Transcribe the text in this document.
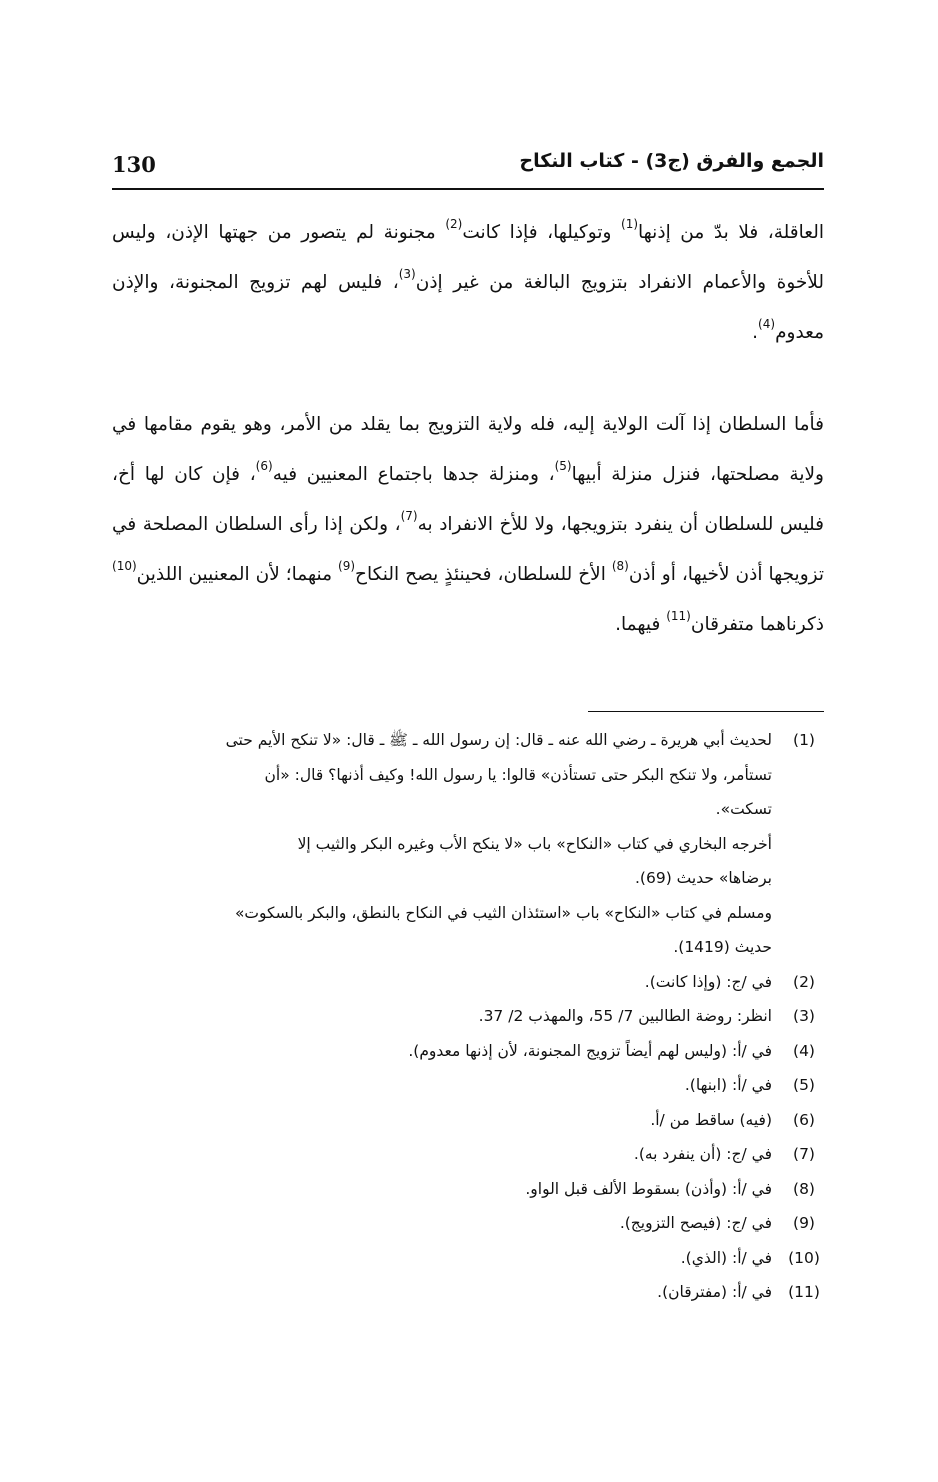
130	الجمع والفرق (ج3) - كتاب النكاح

العاقلة، فلا بدّ من إذنها$^{(1)}$ وتوكيلها، فإذا كانت$^{(2)}$ مجنونة لم يتصور من جهتها الإذن، وليس للأخوة والأعمام الانفراد بتزويج البالغة من غير إذن$^{(3)}$، فليس لهم تزويج المجنونة، والإذن معدوم$^{(4)}$.

فأما السلطان إذا آلت الولاية إليه، فله ولاية التزويج بما يقلد من الأمر، وهو يقوم مقامها في ولاية مصلحتها، فنزل منزلة أبيها$^{(5)}$، ومنزلة جدها باجتماع المعنيين فيه$^{(6)}$، فإن كان لها أخ، فليس للسلطان أن ينفرد بتزويجها، ولا للأخ الانفراد به$^{(7)}$، ولكن إذا رأى السلطان المصلحة في تزويجها أذن لأخيها، أو أذن$^{(8)}$ الأخ للسلطان، فحينئذٍ يصح النكاح$^{(9)}$ منهما؛ لأن المعنيين اللذين$^{(10)}$ ذكرناهما متفرقان$^{(11)}$ فيهما.

(1)
لحديث أبي هريرة ـ رضي الله عنه ـ قال: إن رسول الله ـ ﷺ ـ قال: «لا تنكح الأيم حتى
تستأمر، ولا تنكح البكر حتى تستأذن» قالوا: يا رسول الله! وكيف أذنها؟ قال: «أن
تسكت».
أخرجه البخاري في كتاب «النكاح» باب «لا ينكح الأب وغيره البكر والثيب إلا
برضاها» حديث (69).
ومسلم في كتاب «النكاح» باب «استئذان الثيب في النكاح بالنطق، والبكر بالسكوت»
حديث (1419).
(2)
في /ج: (وإذا كانت).
(3)
انظر: روضة الطالبين 7/ 55، والمهذب 2/ 37.
(4)
في /أ: (وليس لهم أيضاً تزويج المجنونة، لأن إذنها معدوم).
(5)
في /أ: (ابنها).
(6)
(فيه) ساقط من /أ.
(7)
في /ج: (أن ينفرد به).
(8)
في /أ: (وأذن) بسقوط الألف قبل الواو.
(9)
في /ج: (فيصح التزويج).
(10)
في /أ: (الذي).
(11)
في /أ: (مفترقان).
